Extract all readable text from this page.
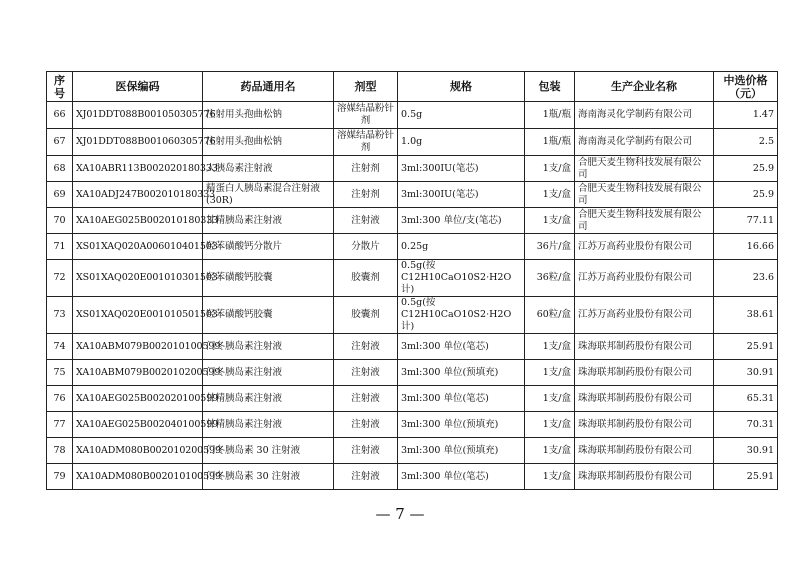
序号	医保编码	药品通用名	剂型	规格	包装	生产企业名称	中选价格（元）
66	XJ01DDT088B001050305776	注射用头孢曲松钠	溶媒结晶粉针剂	0.5g	1瓶/瓶	海南海灵化学制药有限公司	1.47
67	XJ01DDT088B001060305776	注射用头孢曲松钠	溶媒结晶粉针剂	1.0g	1瓶/瓶	海南海灵化学制药有限公司	2.5
68	XA10ABR113B002020180333	人胰岛素注射液	注射剂	3ml:300IU(笔芯)	1支/盒	合肥天麦生物科技发展有限公司	25.9
69	XA10ADJ247B002010180333	精蛋白人胰岛素混合注射液(30R)	注射剂	3ml:300IU(笔芯)	1支/盒	合肥天麦生物科技发展有限公司	25.9
70	XA10AEG025B002010180333	甘精胰岛素注射液	注射液	3ml:300 单位/支(笔芯)	1支/盒	合肥天麦生物科技发展有限公司	77.11
71	XS01XAQ020A006010401503	羟苯磺酸钙分散片	分散片	0.25g	36片/盒	江苏万高药业股份有限公司	16.66
72	XS01XAQ020E001010301503	羟苯磺酸钙胶囊	胶囊剂	0.5g(按 C12H10CaO10S2·H2O计)	36粒/盒	江苏万高药业股份有限公司	23.6
73	XS01XAQ020E001010501503	羟苯磺酸钙胶囊	胶囊剂	0.5g(按 C12H10CaO10S2·H2O计)	60粒/盒	江苏万高药业股份有限公司	38.61
74	XA10ABM079B002010100599	门冬胰岛素注射液	注射液	3ml:300 单位(笔芯)	1支/盒	珠海联邦制药股份有限公司	25.91
75	XA10ABM079B002010200599	门冬胰岛素注射液	注射液	3ml:300 单位(预填充)	1支/盒	珠海联邦制药股份有限公司	30.91
76	XA10AEG025B002020100599	甘精胰岛素注射液	注射液	3ml:300 单位(笔芯)	1支/盒	珠海联邦制药股份有限公司	65.31
77	XA10AEG025B002040100599	甘精胰岛素注射液	注射液	3ml:300 单位(预填充)	1支/盒	珠海联邦制药股份有限公司	70.31
78	XA10ADM080B002010200599	门冬胰岛素 30 注射液	注射液	3ml:300 单位(预填充)	1支/盒	珠海联邦制药股份有限公司	30.91
79	XA10ADM080B002010100599	门冬胰岛素 30 注射液	注射液	3ml:300 单位(笔芯)	1支/盒	珠海联邦制药股份有限公司	25.91
— 7 —
